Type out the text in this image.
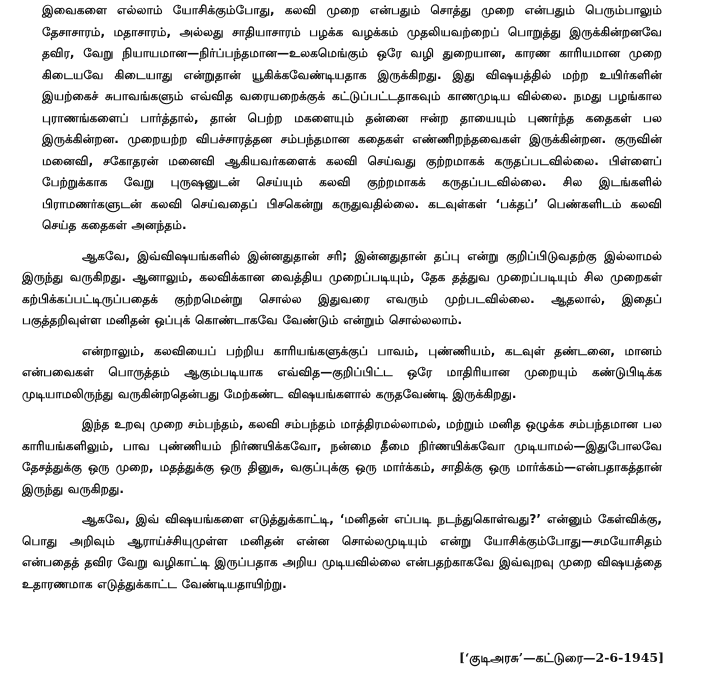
இவைகளை எல்லாம் யோசிக்கும்போது, கலவி முறை என்பதும் சொத்து முறை என்பதும் பெரும்பாலும் தேசாசாரம், மதாசாரம், அல்லது சாதியாசாரம் பழக்க வழக்கம் முதலியவற்றைப் பொறுத்து இருக்கின்றனவே தவிர, வேறு நியாயமான—நிர்ப்பந்தமான—உலகமெங்கும் ஒரே வழி துறையான, காரண காரியமான முறை கிடையவே கிடையாது என்றுதான் யூகிக்கவேண்டியதாக இருக்கிறது. இது விஷயத்தில் மற்ற உயிர்களின் இயற்கைச் சுபாவங்களும் எவ்வித வரையறைக்குக் கட்டுப்பட்டதாகவும் காணமுடிய வில்லை. நமது பழங்கால புராணங்களைப் பார்த்தால், தான் பெற்ற மகளையும் தன்னை ஈன்ற தாயையும் புணர்ந்த கதைகள் பல இருக்கின்றன. முறையற்ற விபச்சாரத்தன சம்பந்தமான கதைகள் எண்ணிறந்தவைகள் இருக்கின்றன. குருவின் மனைவி, சகோதரன் மனைவி ஆகியவர்களைக் கலவி செய்வது குற்றமாகக் கருதப்படவில்லை. பிள்ளைப் பேற்றுக்காக வேறு புருஷனுடன் செய்யும் கலவி குற்றமாகக் கருதப்படவில்லை. சில இடங்களில் பிராமணர்களுடன் கலவி செய்வதைப் பிசகென்று கருதுவதில்லை. கடவுள்கள் ‘பக்தப்’ பெண்களிடம் கலவி செய்த கதைகள் அனந்தம்.

ஆகவே, இவ்விஷயங்களில் இன்னதுதான் சரி; இன்னதுதான் தப்பு என்று குறிப்பிடுவதற்கு இல்லாமல் இருந்து வருகிறது. ஆனாலும், கலவிக்கான வைத்திய முறைப்படியும், தேக தத்துவ முறைப்படியும் சில முறைகள் கற்பிக்கப்பட்டிருப்பதைக் குற்றமென்று சொல்ல இதுவரை எவரும் முற்படவில்லை. ஆதலால், இதைப் பகுத்தறிவுள்ள மனிதன் ஒப்புக் கொண்டாகவே வேண்டும் என்றும் சொல்லலாம்.

என்றாலும், கலவியைப் பற்றிய காரியங்களுக்குப் பாவம், புண்ணியம், கடவுள் தண்டனை, மானம் என்பவைகள் பொருத்தம் ஆகும்படியாக எவ்வித—குறிப்பிட்ட ஒரே மாதிரியான முறையும் கண்டுபிடிக்க முடியாமலிருந்து வருகின்றதென்பது மேற்கண்ட விஷயங்களால் கருதவேண்டி இருக்கிறது.

இந்த உறவு முறை சம்பந்தம், கலவி சம்பந்தம் மாத்திரமல்லாமல், மற்றும் மனித ஒழுக்க சம்பந்தமான பல காரியங்களிலும், பாவ புண்ணியம் நிர்ணயிக்கவோ, நன்மை தீமை நிர்ணயிக்கவோ முடியாமல்—இதுபோலவே தேசத்துக்கு ஒரு முறை, மதத்துக்கு ஒரு தினுசு, வகுப்புக்கு ஒரு மார்க்கம், சாதிக்கு ஒரு மார்க்கம்—என்பதாகத்தான் இருந்து வருகிறது.

ஆகவே, இவ் விஷயங்களை எடுத்துக்காட்டி, ‘மனிதன் எப்படி நடந்துகொள்வது?’ என்னும் கேள்விக்கு, பொது அறிவும் ஆராய்ச்சியுமுள்ள மனிதன் என்ன சொல்லமுடியும் என்று யோசிக்கும்போது—சமயோசிதம் என்பதைத் தவிர வேறு வழிகாட்டி இருப்பதாக அறிய முடியவில்லை என்பதற்காகவே இவ்வுறவு முறை விஷயத்தை உதாரணமாக எடுத்துக்காட்ட வேண்டியதாயிற்று.

[‘குடிஅரசு’—கட்டுரை—2-6-1945]
